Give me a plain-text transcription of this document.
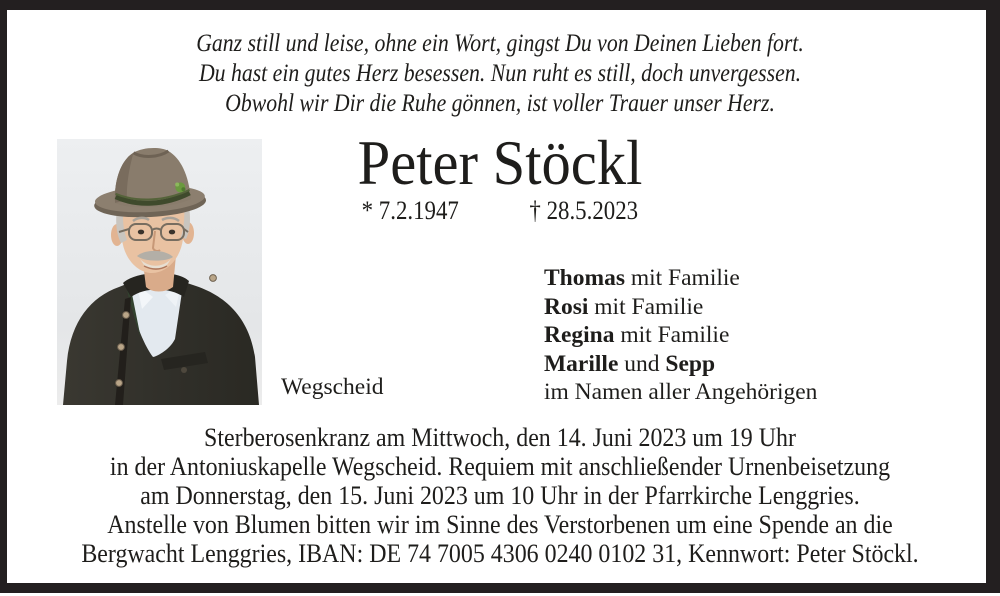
Ganz still und leise, ohne ein Wort, gingst Du von Deinen Lieben fort.
Du hast ein gutes Herz besessen. Nun ruht es still, doch unvergessen.
Obwohl wir Dir die Ruhe gönnen, ist voller Trauer unser Herz.
Peter Stöckl
* 7.2.1947	† 28.5.2023
Thomas mit Familie
Rosi mit Familie
Regina mit Familie
Marille und Sepp
im Namen aller Angehörigen
Wegscheid
Sterberosenkranz am Mittwoch, den 14. Juni 2023 um 19 Uhr
in der Antoniuskapelle Wegscheid. Requiem mit anschließender Urnenbeisetzung
am Donnerstag, den 15. Juni 2023 um 10 Uhr in der Pfarrkirche Lenggries.
Anstelle von Blumen bitten wir im Sinne des Verstorbenen um eine Spende an die
Bergwacht Lenggries, IBAN: DE 74 7005 4306 0240 0102 31, Kennwort: Peter Stöckl.
